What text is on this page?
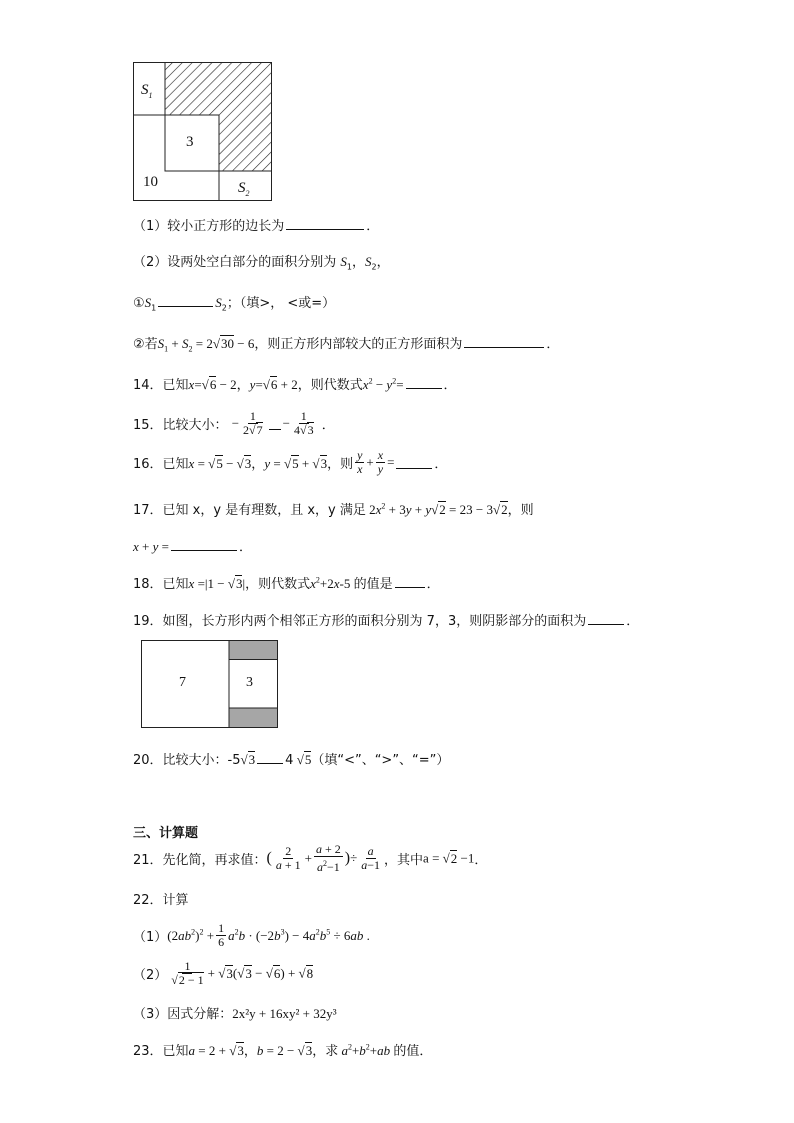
$S_1$
3
10	$S_2$
（1）较小正方形的边长为	．
（2）设两处空白部分的面积分别为 $S_1$，$S_2$，
$①S_1$	$S_2$；（填>， <或=）
②若$S_1 + S_2 = 2√30 - 6$，则正方形内部较大的正方形面积为	．
14．已知x=√6 − 2，y=√6 + 2，则代数式$x^2 - y^2=$	．
15．比较大小： − $\frac{1}{2√7} - \frac{1}{4√3}$ ．
16．已知x = √5 − √3，y = √5 + √3，则 $\frac{y}{x} + \frac{x}{y}$ =	．
17．已知 x，y 是有理数，且 x，y 满足 $2x^2 + 3y + y√2 = 23 - 3√2$，则
x + y =	．
18．已知x =|1 − √3|，则代数式$x^2+2x-5$ 的值是	．
19．如图，长方形内两个相邻正方形的面积分别为 7，3，则阴影部分的面积为	．
7	3
20．比较大小：-5√3 4 √5（填“<”、“>”、“=”）
三、计算题
21．先化简，再求值：( $\frac{2}{a + 1} + \frac{a + 2}{a^2-1}$ )÷ $\frac{a}{a-1}$ ，其中a = √2 −1．
22．计算
$(1)(2ab^2)^2 + \frac{1}{6} a^2b \cdot (-2b^3) - 4a^2b^5 \div 6ab$ .
$(2) \frac{1}{√2 - 1} + √3(√3 - √6) + √8$
（3）因式分解：2x²y + 16xy² + 32y³
23．已知a = 2 + √3，b = 2 − √3，求 $a^2+b^2+ab$ 的值．
